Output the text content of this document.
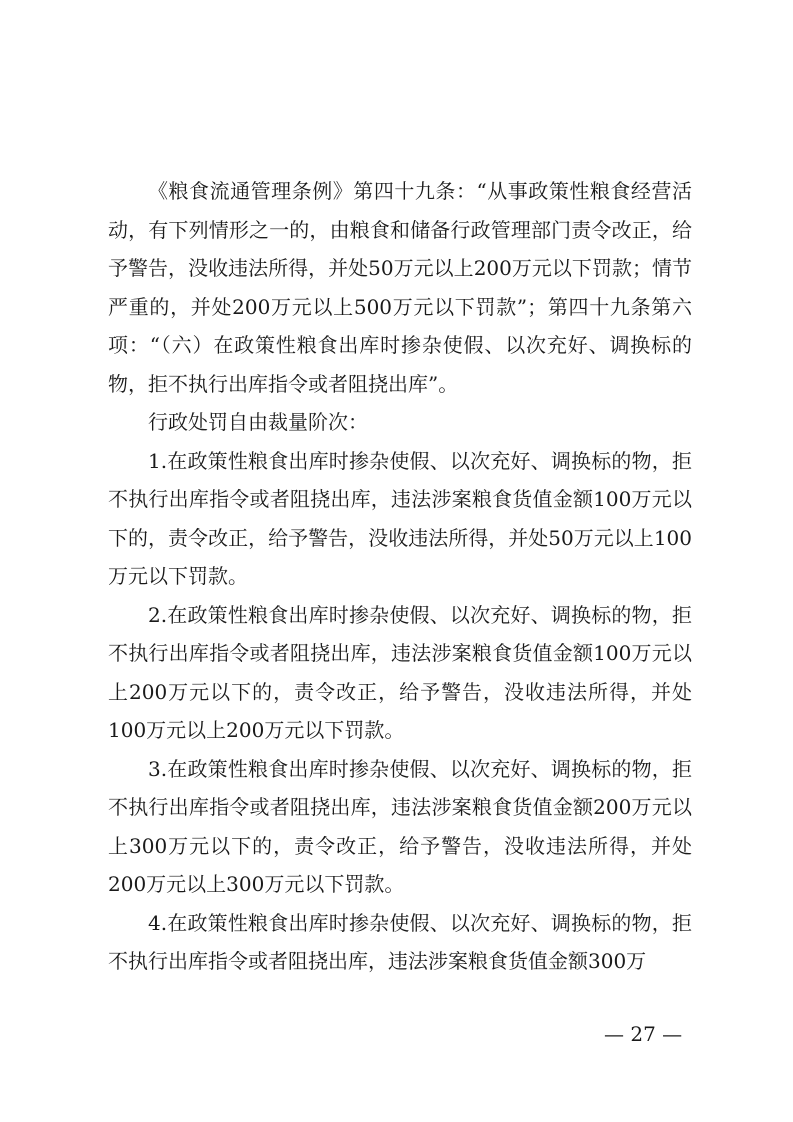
《粮食流通管理条例》第四十九条：“从事政策性粮食经营活动，有下列情形之一的，由粮食和储备行政管理部门责令改正，给予警告，没收违法所得，并处50万元以上200万元以下罚款；情节严重的，并处200万元以上500万元以下罚款”；第四十九条第六项：“（六）在政策性粮食出库时掺杂使假、以次充好、调换标的物，拒不执行出库指令或者阻挠出库”。

行政处罚自由裁量阶次：

1.在政策性粮食出库时掺杂使假、以次充好、调换标的物，拒不执行出库指令或者阻挠出库，违法涉案粮食货值金额100万元以下的，责令改正，给予警告，没收违法所得，并处50万元以上100万元以下罚款。

2.在政策性粮食出库时掺杂使假、以次充好、调换标的物，拒不执行出库指令或者阻挠出库，违法涉案粮食货值金额100万元以上200万元以下的，责令改正，给予警告，没收违法所得，并处100万元以上200万元以下罚款。

3.在政策性粮食出库时掺杂使假、以次充好、调换标的物，拒不执行出库指令或者阻挠出库，违法涉案粮食货值金额200万元以上300万元以下的，责令改正，给予警告，没收违法所得，并处200万元以上300万元以下罚款。

4.在政策性粮食出库时掺杂使假、以次充好、调换标的物，拒不执行出库指令或者阻挠出库，违法涉案粮食货值金额300万

— 27 —
